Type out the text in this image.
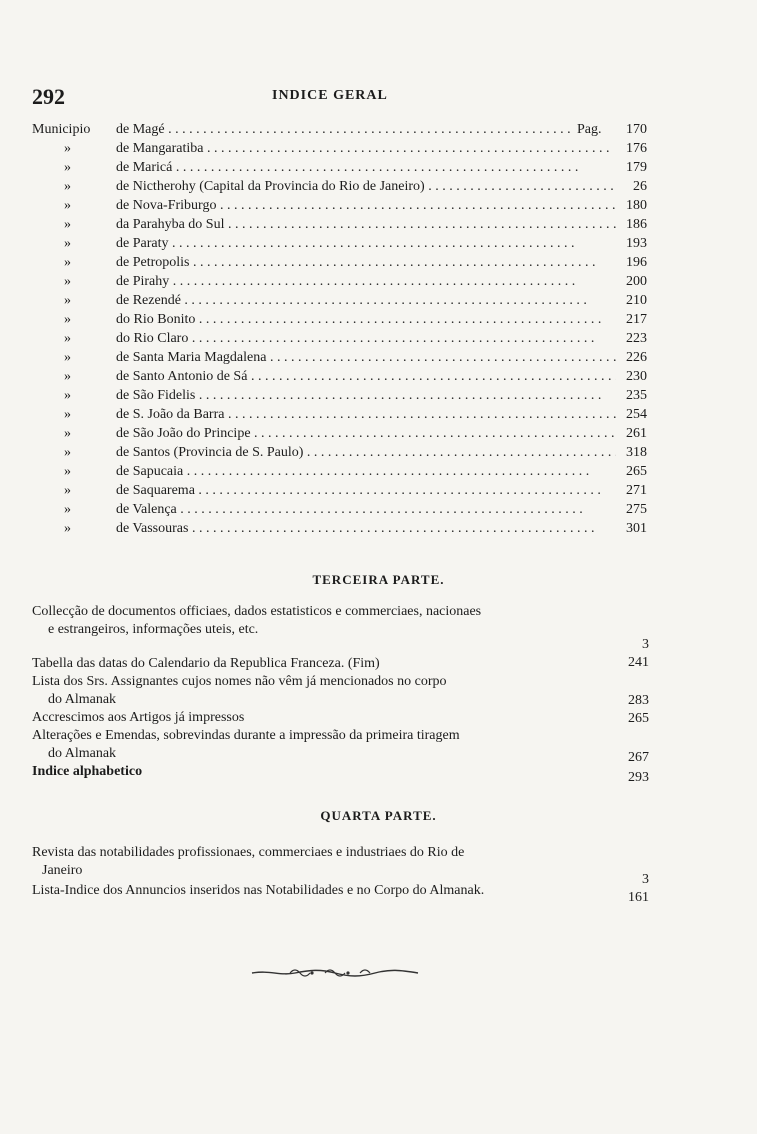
292	INDICE GERAL
Municipio de Magé . . .	Pag. 170
»	de Mangaratiba . . .	176
»	de Maricá . . .	179
»	de Nictherohy (Capital da Provincia do Rio de Janeiro) . . .	26
»	de Nova-Friburgo . . .	180
»	da Parahyba do Sul . . .	186
»	de Paraty . . .	193
»	de Petropolis . . .	196
»	de Pirahy . . .	200
»	de Rezendé . . .	210
»	do Rio Bonito . . .	217
»	do Rio Claro . . .	223
»	de Santa Maria Magdalena . . .	226
»	de Santo Antonio de Sá . . .	230
»	de São Fidelis . . .	235
»	de S. João da Barra . . .	254
»	de São João do Principe . . .	261
»	de Santos (Provincia de S. Paulo) . . .	318
»	de Sapucaia . . .	265
»	de Saquarema . . .	271
»	de Valença . . .	275
»	de Vassouras . . .	301
TERCEIRA PARTE.
Collecção de documentos officiaes, dados estatisticos e commerciaes, nacionaes
e estrangeiros, informações uteis, etc.
3
Tabella das datas do Calendario da Republica Franceza. (Fim)	241
Lista dos Srs. Assignantes cujos nomes não vêm já mencionados no corpo
do Almanak	283
Accrescimos aos Artigos já impressos	265
Alterações e Emendas, sobrevindas durante a impressão da primeira tiragem
do Almanak	267
Indice alphabetico	293
QUARTA PARTE.
Revista das notabilidades profissionaes, commerciaes e industriaes do Rio de
Janeiro
3
Lista-Indice dos Annuncios inseridos nas Notabilidades e no Corpo do Almanak.	161
